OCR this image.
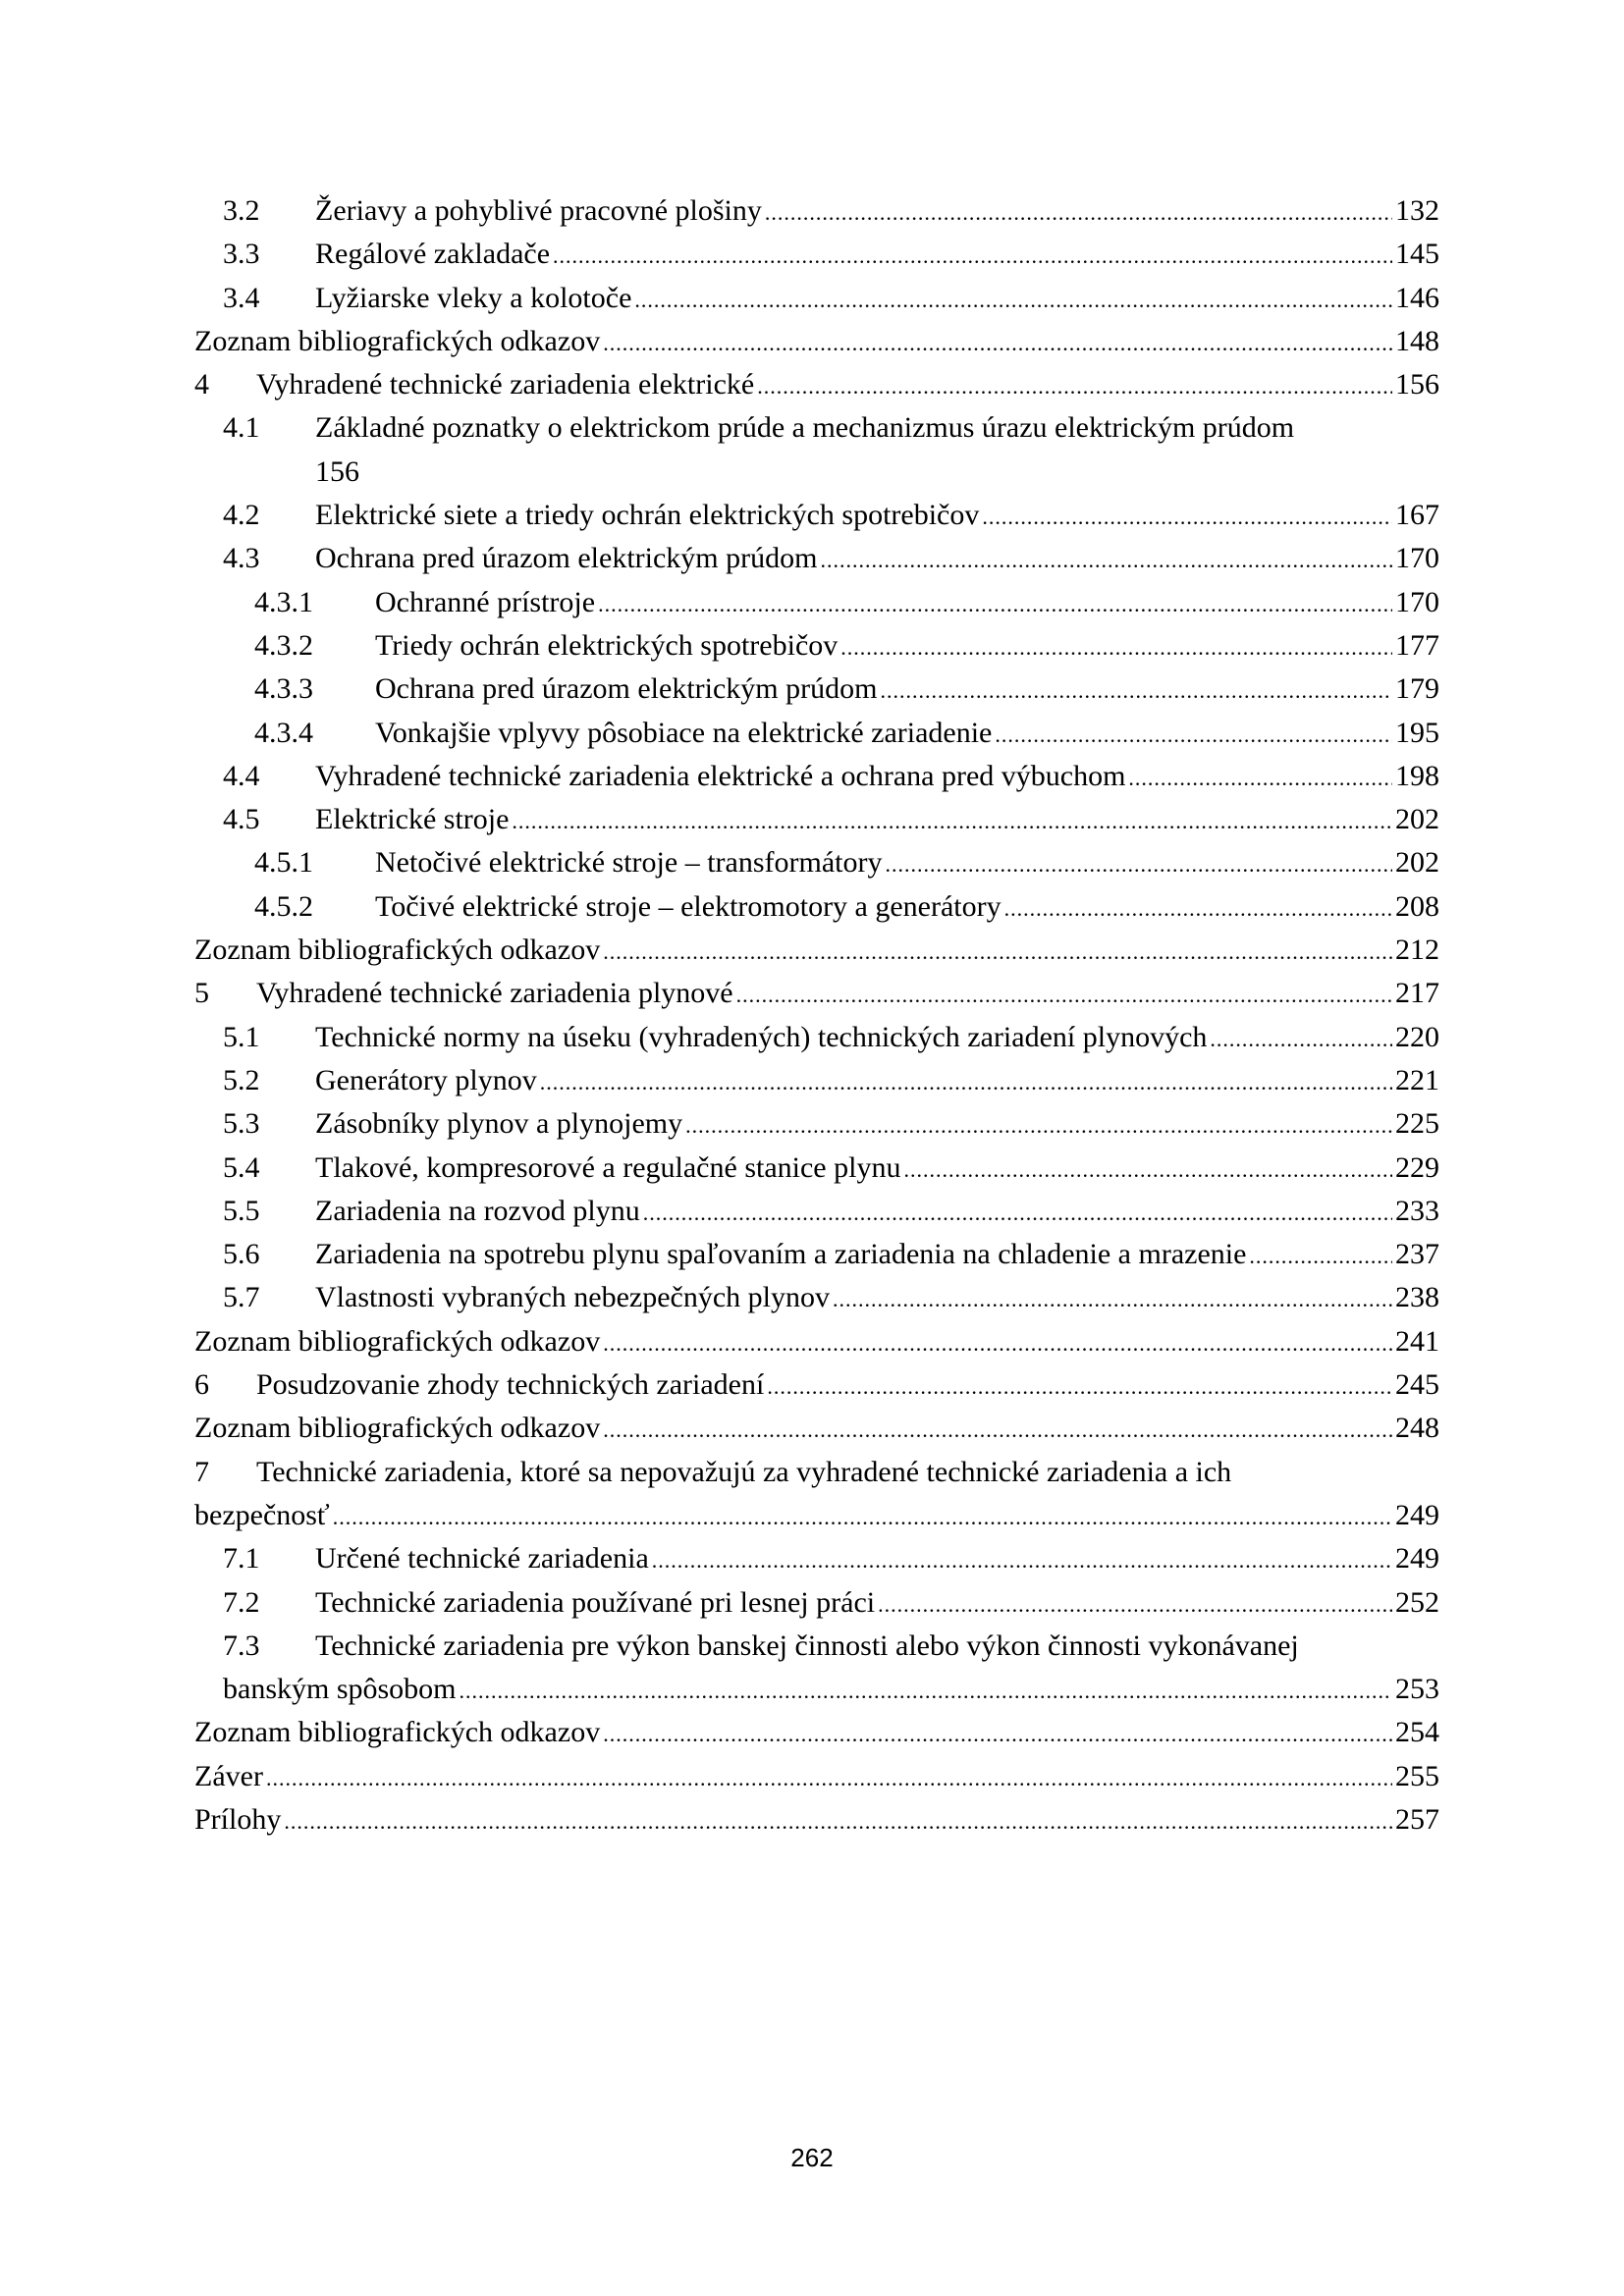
3.2 Žeriavy a pohyblivé pracovné plošiny .....	132
3.3 Regálové zakladače .....	145
3.4 Lyžiarske vleky a kolotoče .....	146
Zoznam bibliografických odkazov .....	148
4 Vyhradené technické zariadenia elektrické .....	156
4.1 Základné poznatky o elektrickom prúde a mechanizmus úrazu elektrickým prúdom
156
4.2 Elektrické siete a triedy ochrán elektrických spotrebičov .....	167
4.3 Ochrana pred úrazom elektrickým prúdom .....	170
4.3.1 Ochranné prístroje .....	170
4.3.2 Triedy ochrán elektrických spotrebičov .....	177
4.3.3 Ochrana pred úrazom elektrickým prúdom .....	179
4.3.4 Vonkajšie vplyvy pôsobiace na elektrické zariadenie .....	195
4.4 Vyhradené technické zariadenia elektrické a ochrana pred výbuchom .....	198
4.5 Elektrické stroje .....	202
4.5.1 Netočivé elektrické stroje – transformátory .....	202
4.5.2 Točivé elektrické stroje – elektromotory a generátory .....	208
Zoznam bibliografických odkazov .....	212
5 Vyhradené technické zariadenia plynové .....	217
5.1 Technické normy na úseku (vyhradených) technických zariadení plynových .....	220
5.2 Generátory plynov .....	221
5.3 Zásobníky plynov a plynojemy .....	225
5.4 Tlakové, kompresorové a regulačné stanice plynu .....	229
5.5 Zariadenia na rozvod plynu .....	233
5.6 Zariadenia na spotrebu plynu spaľovaním a zariadenia na chladenie a mrazenie .....	237
5.7 Vlastnosti vybraných nebezpečných plynov .....	238
Zoznam bibliografických odkazov .....	241
6 Posudzovanie zhody technických zariadení .....	245
Zoznam bibliografických odkazov .....	248
7 Technické zariadenia, ktoré sa nepovažujú za vyhradené technické zariadenia a ich
bezpečnosť .....	249
7.1 Určené technické zariadenia .....	249
7.2 Technické zariadenia používané pri lesnej práci .....	252
7.3 Technické zariadenia pre výkon banskej činnosti alebo výkon činnosti vykonávanej
banským spôsobom .....	253
Zoznam bibliografických odkazov .....	254
Záver .....	255
Prílohy .....	257
262
